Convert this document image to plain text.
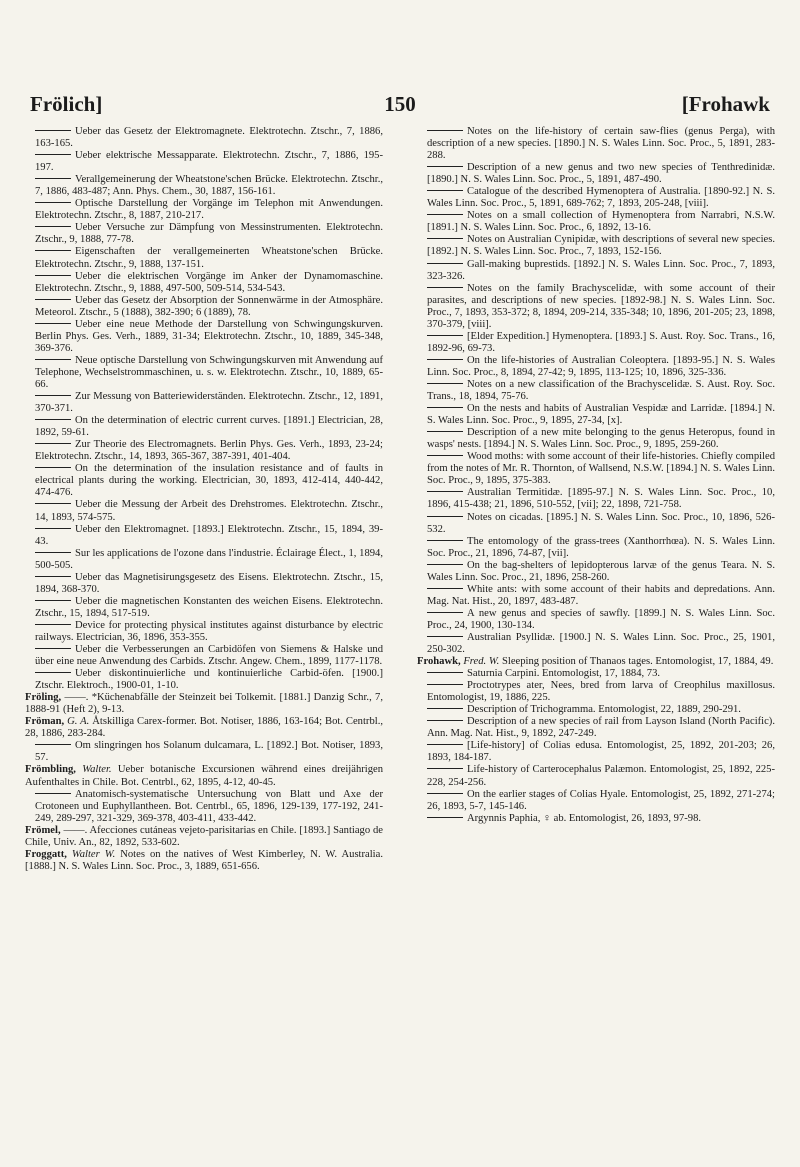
Frölich]	150	[Frohawk

Ueber das Gesetz der Elektromagnete. Elektrotechn. Ztschr., 7, 1886, 163-165.

Ueber elektrische Messapparate. Elektrotechn. Ztschr., 7, 1886, 195-197.

Verallgemeinerung der Wheatstone'schen Brücke. Elektrotechn. Ztschr., 7, 1886, 483-487; Ann. Phys. Chem., 30, 1887, 156-161.

Optische Darstellung der Vorgänge im Telephon mit Anwendungen. Elektrotechn. Ztschr., 8, 1887, 210-217.

Ueber Versuche zur Dämpfung von Messinstrumenten. Elektrotechn. Ztschr., 9, 1888, 77-78.

Eigenschaften der verallgemeinerten Wheatstone'schen Brücke. Elektrotechn. Ztschr., 9, 1888, 137-151.

Ueber die elektrischen Vorgänge im Anker der Dynamomaschine. Elektrotechn. Ztschr., 9, 1888, 497-500, 509-514, 534-543.

Ueber das Gesetz der Absorption der Sonnenwärme in der Atmosphäre. Meteorol. Ztschr., 5 (1888), 382-390; 6 (1889), 78.

Ueber eine neue Methode der Darstellung von Schwingungskurven. Berlin Phys. Ges. Verh., 1889, 31-34; Elektrotechn. Ztschr., 10, 1889, 345-348, 369-376.

Neue optische Darstellung von Schwingungskurven mit Anwendung auf Telephone, Wechselstrommaschinen, u. s. w. Elektrotechn. Ztschr., 10, 1889, 65-66.

Zur Messung von Batteriewiderständen. Elektrotechn. Ztschr., 12, 1891, 370-371.

On the determination of electric current curves. [1891.] Electrician, 28, 1892, 59-61.

Zur Theorie des Electromagnets. Berlin Phys. Ges. Verh., 1893, 23-24; Elektrotechn. Ztschr., 14, 1893, 365-367, 387-391, 401-404.

On the determination of the insulation resistance and of faults in electrical plants during the working. Electrician, 30, 1893, 412-414, 440-442, 474-476.

Ueber die Messung der Arbeit des Drehstromes. Elektrotechn. Ztschr., 14, 1893, 574-575.

Ueber den Elektromagnet. [1893.] Elektrotechn. Ztschr., 15, 1894, 39-43.

Sur les applications de l'ozone dans l'industrie. Éclairage Élect., 1, 1894, 500-505.

Ueber das Magnetisirungsgesetz des Eisens. Elektrotechn. Ztschr., 15, 1894, 368-370.

Ueber die magnetischen Konstanten des weichen Eisens. Elektrotechn. Ztschr., 15, 1894, 517-519.

Device for protecting physical institutes against disturbance by electric railways. Electrician, 36, 1896, 353-355.

Ueber die Verbesserungen an Carbidöfen von Siemens & Halske und über eine neue Anwendung des Carbids. Ztschr. Angew. Chem., 1899, 1177-1178.

Ueber diskontinuierliche und kontinuierliche Carbid-öfen. [1900.] Ztschr. Elektroch., 1900-01, 1-10.

Fröling, ——. *Küchenabfälle der Steinzeit bei Tolkemit. [1881.] Danzig Schr., 7, 1888-91 (Heft 2), 9-13.

Fröman, G. A. Åtskilliga Carex-former. Bot. Notiser, 1886, 163-164; Bot. Centrbl., 28, 1886, 283-284.

Om slingringen hos Solanum dulcamara, L. [1892.] Bot. Notiser, 1893, 57.

Frömbling, Walter. Ueber botanische Excursionen während eines dreijährigen Aufenthaltes in Chile. Bot. Centrbl., 62, 1895, 4-12, 40-45.

Anatomisch-systematische Untersuchung von Blatt und Axe der Crotoneen und Euphyllantheen. Bot. Centrbl., 65, 1896, 129-139, 177-192, 241-249, 289-297, 321-329, 369-378, 403-411, 433-442.

Frömel, ——. Afecciones cutáneas vejeto-parisitarias en Chile. [1893.] Santiago de Chile, Univ. An., 82, 1892, 533-602.

Froggatt, Walter W. Notes on the natives of West Kimberley, N. W. Australia. [1888.] N. S. Wales Linn. Soc. Proc., 3, 1889, 651-656.

Notes on the life-history of certain saw-flies (genus Perga), with description of a new species. [1890.] N. S. Wales Linn. Soc. Proc., 5, 1891, 283-288.

Description of a new genus and two new species of Tenthredinidæ. [1890.] N. S. Wales Linn. Soc. Proc., 5, 1891, 487-490.

Catalogue of the described Hymenoptera of Australia. [1890-92.] N. S. Wales Linn. Soc. Proc., 5, 1891, 689-762; 7, 1893, 205-248, [viii].

Notes on a small collection of Hymenoptera from Narrabri, N.S.W. [1891.] N. S. Wales Linn. Soc. Proc., 6, 1892, 13-16.

Notes on Australian Cynipidæ, with descriptions of several new species. [1892.] N. S. Wales Linn. Soc. Proc., 7, 1893, 152-156.

Gall-making buprestids. [1892.] N. S. Wales Linn. Soc. Proc., 7, 1893, 323-326.

Notes on the family Brachyscelidæ, with some account of their parasites, and descriptions of new species. [1892-98.] N. S. Wales Linn. Soc. Proc., 7, 1893, 353-372; 8, 1894, 209-214, 335-348; 10, 1896, 201-205; 23, 1898, 370-379, [viii].

[Elder Expedition.] Hymenoptera. [1893.] S. Aust. Roy. Soc. Trans., 16, 1892-96, 69-73.

On the life-histories of Australian Coleoptera. [1893-95.] N. S. Wales Linn. Soc. Proc., 8, 1894, 27-42; 9, 1895, 113-125; 10, 1896, 325-336.

Notes on a new classification of the Brachyscelidæ. S. Aust. Roy. Soc. Trans., 18, 1894, 75-76.

On the nests and habits of Australian Vespidæ and Larridæ. [1894.] N. S. Wales Linn. Soc. Proc., 9, 1895, 27-34, [x].

Description of a new mite belonging to the genus Heteropus, found in wasps' nests. [1894.] N. S. Wales Linn. Soc. Proc., 9, 1895, 259-260.

Wood moths: with some account of their life-histories. Chiefly compiled from the notes of Mr. R. Thornton, of Wallsend, N.S.W. [1894.] N. S. Wales Linn. Soc. Proc., 9, 1895, 375-383.

Australian Termitidæ. [1895-97.] N. S. Wales Linn. Soc. Proc., 10, 1896, 415-438; 21, 1896, 510-552, [vii]; 22, 1898, 721-758.

Notes on cicadas. [1895.] N. S. Wales Linn. Soc. Proc., 10, 1896, 526-532.

The entomology of the grass-trees (Xanthorrhœa). N. S. Wales Linn. Soc. Proc., 21, 1896, 74-87, [vii].

On the bag-shelters of lepidopterous larvæ of the genus Teara. N. S. Wales Linn. Soc. Proc., 21, 1896, 258-260.

White ants: with some account of their habits and depredations. Ann. Mag. Nat. Hist., 20, 1897, 483-487.

A new genus and species of sawfly. [1899.] N. S. Wales Linn. Soc. Proc., 24, 1900, 130-134.

Australian Psyllidæ. [1900.] N. S. Wales Linn. Soc. Proc., 25, 1901, 250-302.

Frohawk, Fred. W. Sleeping position of Thanaos tages. Entomologist, 17, 1884, 49.

Saturnia Carpini. Entomologist, 17, 1884, 73.

Proctotrypes ater, Nees, bred from larva of Creophilus maxillosus. Entomologist, 19, 1886, 225.

Description of Trichogramma. Entomologist, 22, 1889, 290-291.

Description of a new species of rail from Layson Island (North Pacific). Ann. Mag. Nat. Hist., 9, 1892, 247-249.

[Life-history] of Colias edusa. Entomologist, 25, 1892, 201-203; 26, 1893, 184-187.

Life-history of Carterocephalus Palæmon. Entomologist, 25, 1892, 225-228, 254-256.

On the earlier stages of Colias Hyale. Entomologist, 25, 1892, 271-274; 26, 1893, 5-7, 145-146.

Argynnis Paphia, ♀ ab. Entomologist, 26, 1893, 97-98.
